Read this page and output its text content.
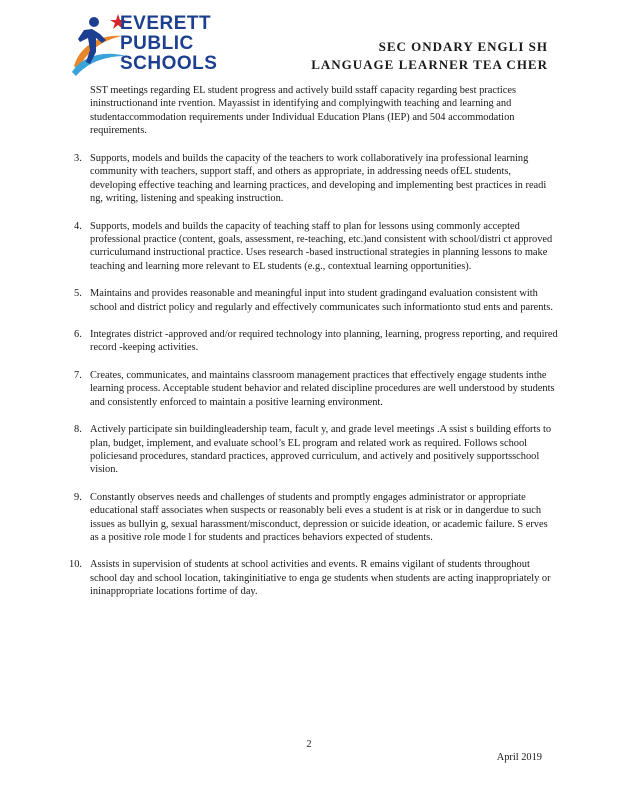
EVERETT
PUBLIC
SCHOOLS
SEC ONDARY ENGLI SH
LANGUAGE LEARNER TEA CHER
SST meetings regarding EL student progress and actively build sstaff capacity regarding best practices ininstructionand inte rvention. Mayassist in identifying and complyingwith teaching and learning and studentaccommodation requirements under Individual Education Plans (IEP) and 504 accommodation requirements.
3. Supports, models and builds the capacity of the teachers to work collaboratively ina professional learning community with teachers, support staff, and others as appropriate, in addressing needs ofEL students, developing effective teaching and learning practices, and developing and implementing best practices in readi ng, writing, listening and speaking instruction.
4. Supports, models and builds the capacity of teaching staff to plan for lessons using commonly accepted professional practice (content, goals, assessment, re-teaching, etc.)and consistent with school/distri ct approved curriculumand instructional practice. Uses research -based instructional strategies in planning lessons to make teaching and learning more relevant to EL students (e.g., contextual learning opportunities).
5. Maintains and provides reasonable and meaningful input into student gradingand evaluation consistent with school and district policy and regularly and effectively communicates such informationto stud ents and parents.
6. Integrates district -approved and/or required technology into planning, learning, progress reporting, and required record -keeping activities.
7. Creates, communicates, and maintains classroom management practices that effectively engage students inthe learning process. Acceptable student behavior and related discipline procedures are well understood by students and consistently enforced to maintain a positive learning environment.
8. Actively participate sin buildingleadership team, facult y, and grade level meetings .A ssist s building efforts to plan, budget, implement, and evaluate school’s EL program and related work as required. Follows school policiesand procedures, standard practices, approved curriculum, and actively and positively supportsschool vision.
9. Constantly observes needs and challenges of students and promptly engages administrator or appropriate educational staff associates when suspects or reasonably beli eves a student is at risk or in dangerdue to such issues as bullyin g, sexual harassment/misconduct, depression or suicide ideation, or academic failure. S erves as a positive role mode l for students and practices behaviors expected of students.
10. Assists in supervision of students at school activities and events. R emains vigilant of students throughout school day and school location, takinginitiative to enga ge students when students are acting inappropriately or ininappropriate locations fortime of day.
2
April 2019
